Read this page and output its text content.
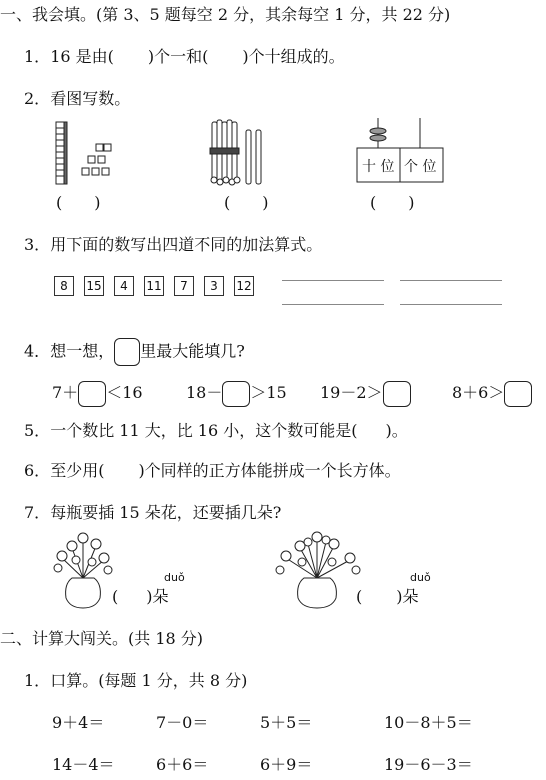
一、我会填。(第 3、5 题每空 2 分，其余每空 1 分，共 22 分)
1．16 是由( )个一和( )个十组成的。
2．看图写数。
(　　)	(　　)
十 位 个 位
(　　)
3．用下面的数写出四道不同的加法算式。
8	15	4	11	7	3	12
4．想一想， 里最大能填几?
7＋ ＜16	18－ ＞15 19－2＞	8＋6＞
5．一个数比 11 大，比 16 小，这个数可能是( )。
6．至少用( )个同样的正方体能拼成一个长方体。
7．每瓶要插 15 朵花，还要插几朵?
duǒ
( )朵
duǒ
( )朵
二、计算大闯关。(共 18 分)
1．口算。(每题 1 分，共 8 分)
9＋4＝	7－0＝	5＋5＝	10－8＋5＝
14－4＝	6＋6＝	6＋9＝	19－6－3＝
